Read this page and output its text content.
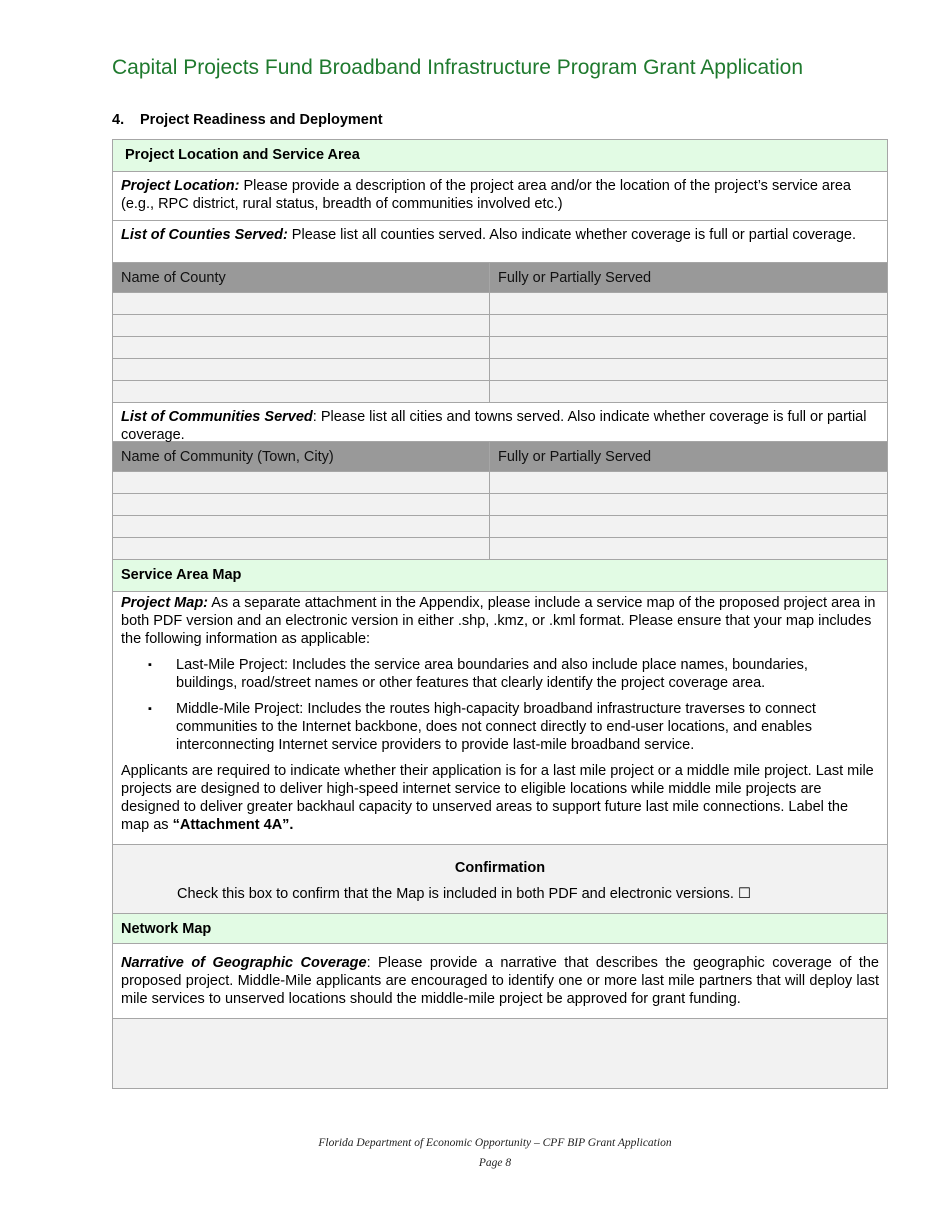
Capital Projects Fund Broadband Infrastructure Program Grant Application
4. Project Readiness and Deployment
Project Location and Service Area
Project Location: Please provide a description of the project area and/or the location of the project’s service area (e.g., RPC district, rural status, breadth of communities involved etc.)
List of Counties Served: Please list all counties served. Also indicate whether coverage is full or partial coverage.
Name of County	Fully or Partially Served
List of Communities Served: Please list all cities and towns served. Also indicate whether coverage is full or partial coverage.
Name of Community (Town, City)	Fully or Partially Served
Service Area Map
Project Map: As a separate attachment in the Appendix, please include a service map of the proposed project area in both PDF version and an electronic version in either .shp, .kmz, or .kml format. Please ensure that your map includes the following information as applicable:
▪ Last-Mile Project: Includes the service area boundaries and also include place names, boundaries, buildings, road/street names or other features that clearly identify the project coverage area.
▪ Middle-Mile Project: Includes the routes high-capacity broadband infrastructure traverses to connect communities to the Internet backbone, does not connect directly to end-user locations, and enables interconnecting Internet service providers to provide last-mile broadband service.
Applicants are required to indicate whether their application is for a last mile project or a middle mile project. Last mile projects are designed to deliver high-speed internet service to eligible locations while middle mile projects are designed to deliver greater backhaul capacity to unserved areas to support future last mile connections. Label the map as “Attachment 4A”.
Confirmation
Check this box to confirm that the Map is included in both PDF and electronic versions. ☐
Network Map
Narrative of Geographic Coverage: Please provide a narrative that describes the geographic coverage of the proposed project. Middle-Mile applicants are encouraged to identify one or more last mile partners that will deploy last mile services to unserved locations should the middle-mile project be approved for grant funding.
Florida Department of Economic Opportunity – CPF BIP Grant Application
Page 8
